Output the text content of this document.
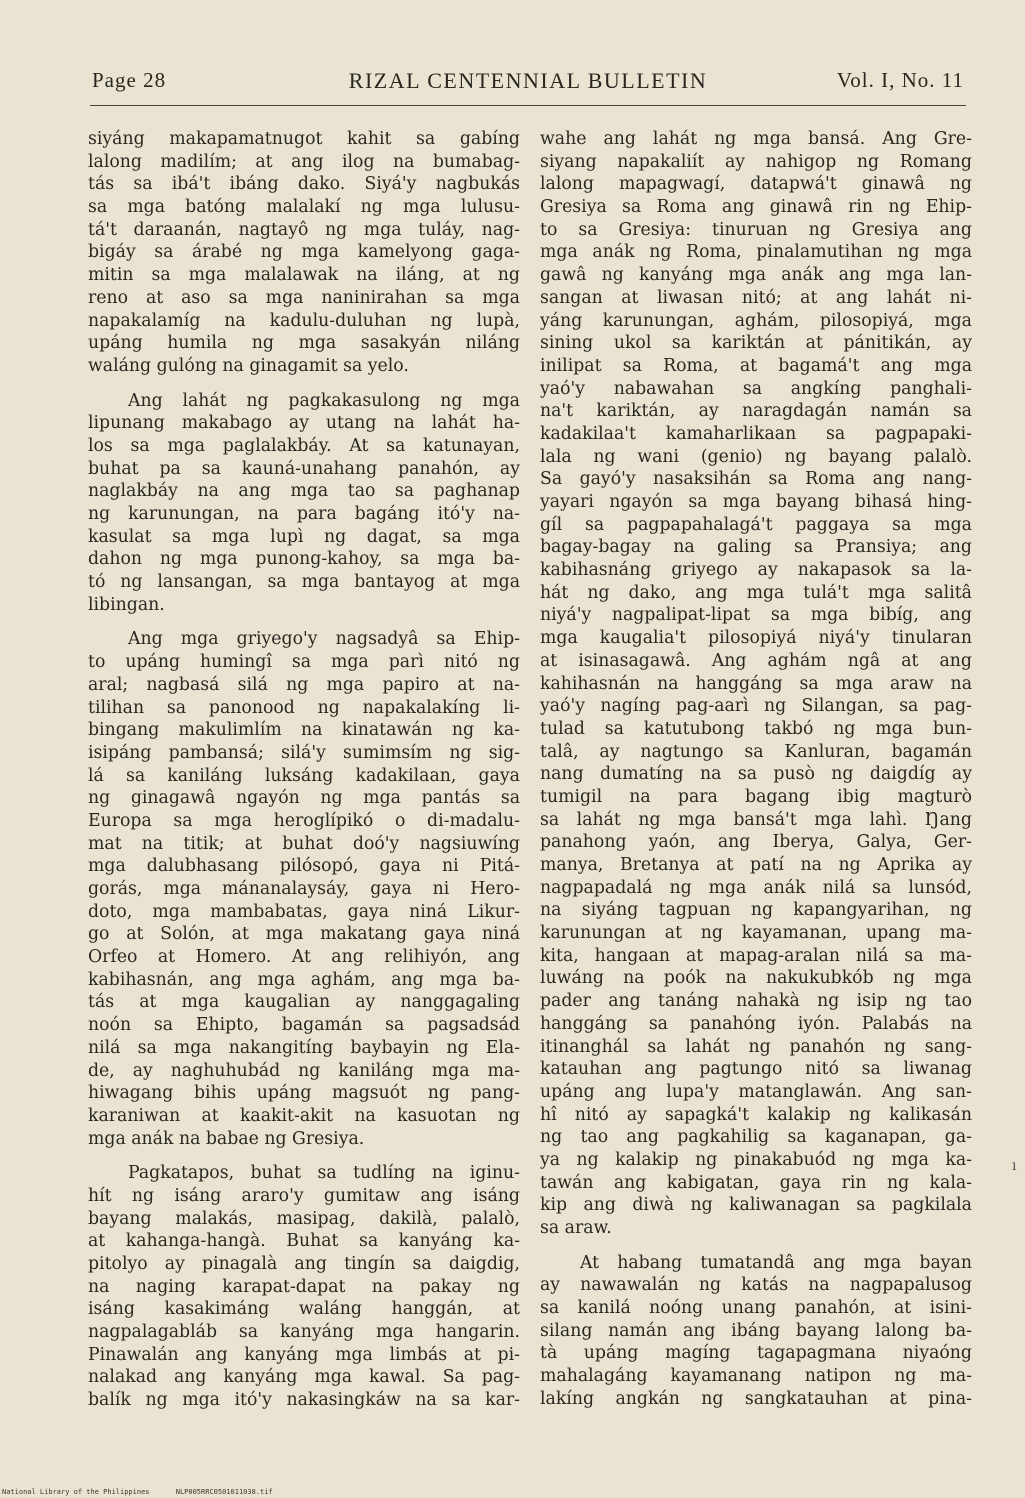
Page 28	RIZAL CENTENNIAL BULLETIN	Vol. I, No. 11
siyáng makapamatnugot kahit sa gabíng
lalong madilím; at ang ilog na bumabag-
tás sa ibá't ibáng dako. Siyá'y nagbukás
sa mga batóng malalakí ng mga lulusu-
tá't daraanán, nagtayô ng mga tuláy, nag-
bigáy sa árabé ng mga kamelyong gaga-
mitin sa mga malalawak na iláng, at ng
reno at aso sa mga naninirahan sa mga
napakalamíg na kadulu-duluhan ng lupà,
upáng humila ng mga sasakyán niláng
waláng gulóng na ginagamit sa yelo.
Ang lahát ng pagkakasulong ng mga
lipunang makabago ay utang na lahát ha-
los sa mga paglalakbáy. At sa katunayan,
buhat pa sa kauná-unahang panahón, ay
naglakbáy na ang mga tao sa paghanap
ng karunungan, na para bagáng itó'y na-
kasulat sa mga lupì ng dagat, sa mga
dahon ng mga punong-kahoy, sa mga ba-
tó ng lansangan, sa mga bantayog at mga
libingan.
Ang mga griyego'y nagsadyâ sa Ehip-
to upáng humingî sa mga parì nitó ng
aral; nagbasá silá ng mga papiro at na-
tilihan sa panonood ng napakalakíng li-
bingang makulimlím na kinatawán ng ka-
isipáng pambansá; silá'y sumimsím ng sig-
lá sa kaniláng luksáng kadakilaan, gaya
ng ginagawâ ngayón ng mga pantás sa
Europa sa mga heroglípikó o di-madalu-
mat na titik; at buhat doó'y nagsiuwíng
mga dalubhasang pilósopó, gaya ni Pitá-
gorás, mga mánanalaysáy, gaya ni Hero-
doto, mga mambabatas, gaya niná Likur-
go at Solón, at mga makatang gaya niná
Orfeo at Homero. At ang relihiyón, ang
kabihasnán, ang mga aghám, ang mga ba-
tás at mga kaugalian ay nanggagaling
noón sa Ehipto, bagamán sa pagsadsád
nilá sa mga nakangitíng baybayin ng Ela-
de, ay naghuhubád ng kaniláng mga ma-
hiwagang bihis upáng magsuót ng pang-
karaniwan at kaakit-akit na kasuotan ng
mga anák na babae ng Gresiya.
Pagkatapos, buhat sa tudlíng na iginu-
hít ng isáng araro'y gumitaw ang isáng
bayang malakás, masipag, dakilà, palalò,
at kahanga-hangà. Buhat sa kanyáng ka-
pitolyo ay pinagalà ang tingín sa daigdig,
na naging karapat-dapat na pakay ng
isáng kasakimáng waláng hanggán, at
nagpalagabláb sa kanyáng mga hangarin.
Pinawalán ang kanyáng mga limbás at pi-
nalakad ang kanyáng mga kawal. Sa pag-
balík ng mga itó'y nakasingkáw na sa kar-
wahe ang lahát ng mga bansá. Ang Gre-
siyang napakaliít ay nahigop ng Romang
lalong mapagwagí, datapwá't ginawâ ng
Gresiya sa Roma ang ginawâ rin ng Ehip-
to sa Gresiya: tinuruan ng Gresiya ang
mga anák ng Roma, pinalamutihan ng mga
gawâ ng kanyáng mga anák ang mga lan-
sangan at liwasan nitó; at ang lahát ni-
yáng karunungan, aghám, pilosopiyá, mga
sining ukol sa kariktán at pánitikán, ay
inilipat sa Roma, at bagamá't ang mga
yaó'y nabawahan sa angkíng panghali-
na't kariktán, ay naragdagán namán sa
kadakilaa't kamaharlikaan sa pagpapaki-
lala ng wani (genio) ng bayang palalò.
Sa gayó'y nasaksihán sa Roma ang nang-
yayari ngayón sa mga bayang bihasá hing-
gíl sa pagpapahalagá't paggaya sa mga
bagay-bagay na galing sa Pransiya; ang
kabihasnáng griyego ay nakapasok sa la-
hát ng dako, ang mga tulá't mga salitâ
niyá'y nagpalipat-lipat sa mga bibíg, ang
mga kaugalia't pilosopiyá niyá'y tinularan
at isinasagawâ. Ang aghám ngâ at ang
kahihasnán na hanggáng sa mga araw na
yaó'y nagíng pag-aarì ng Silangan, sa pag-
tulad sa katutubong takbó ng mga bun-
talâ, ay nagtungo sa Kanluran, bagamán
nang dumatíng na sa pusò ng daigdíg ay
tumigil na para bagang ibig magturò
sa lahát ng mga bansá't mga lahì. Ŋang
panahong yaón, ang Iberya, Galya, Ger-
manya, Bretanya at patí na ng Aprika ay
nagpapadalá ng mga anák nilá sa lunsód,
na siyáng tagpuan ng kapangyarihan, ng
karunungan at ng kayamanan, upang ma-
kita, hangaan at mapag-aralan nilá sa ma-
luwáng na poók na nakukubkób ng mga
pader ang tanáng nahakà ng isip ng tao
hanggáng sa panahóng iyón. Palabás na
itinanghál sa lahát ng panahón ng sang-
katauhan ang pagtungo nitó sa liwanag
upáng ang lupa'y matanglawán. Ang san-
hî nitó ay sapagká't kalakip ng kalikasán
ng tao ang pagkahilig sa kaganapan, ga-
ya ng kalakip ng pinakabuód ng mga ka-
tawán ang kabigatan, gaya rin ng kala-
kip ang diwà ng kaliwanagan sa pagkilala
sa araw.
At habang tumatandâ ang mga bayan
ay nawawalán ng katás na nagpapalusog
sa kanilá noóng unang panahón, at isini-
silang namán ang ibáng bayang lalong ba-
tà upáng magíng tagapagmana niyaóng
mahalagáng kayamanang natipon ng ma-
lakíng angkán ng sangkatauhan at pina-
ı
National Library of the Philippines	NLP005RRC0501011038.tif
